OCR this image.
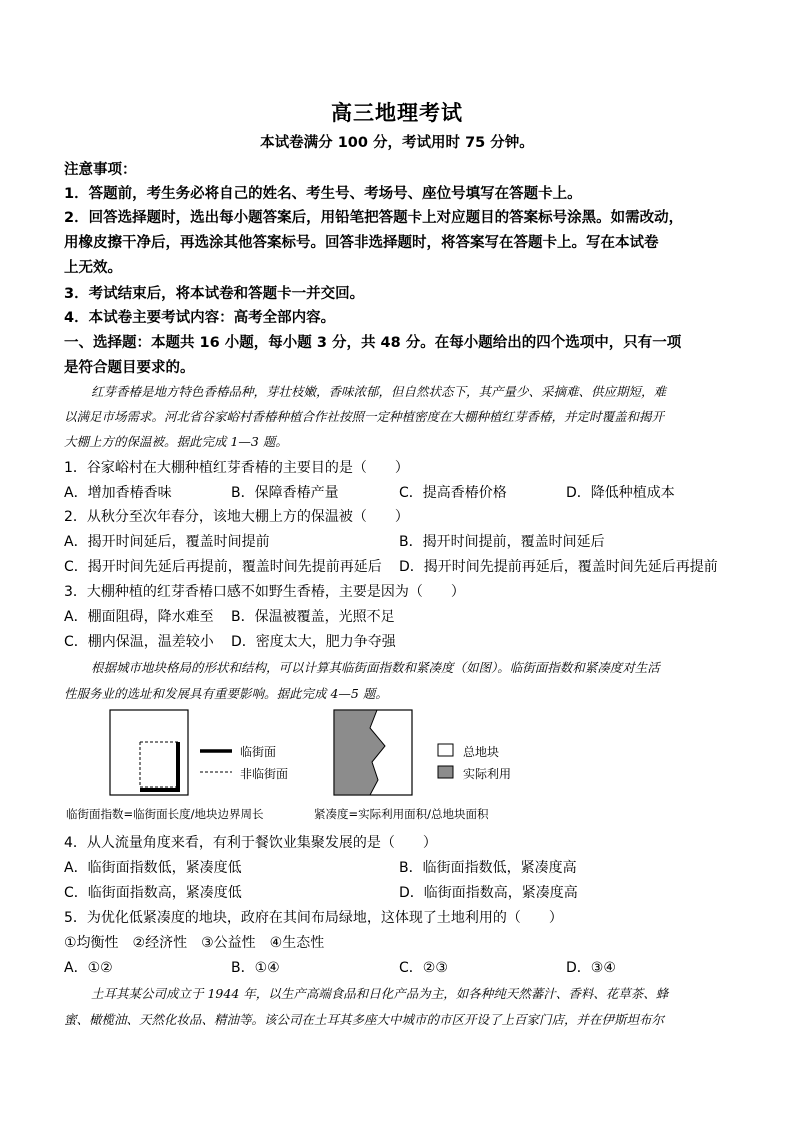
高三地理考试
本试卷满分 100 分，考试用时 75 分钟。
注意事项：
1．答题前，考生务必将自己的姓名、考生号、考场号、座位号填写在答题卡上。
2．回答选择题时，选出每小题答案后，用铅笔把答题卡上对应题目的答案标号涂黑。如需改动，
用橡皮擦干净后，再选涂其他答案标号。回答非选择题时，将答案写在答题卡上。写在本试卷
上无效。
3．考试结束后，将本试卷和答题卡一并交回。
4．本试卷主要考试内容：高考全部内容。
一、选择题：本题共 16 小题，每小题 3 分，共 48 分。在每小题给出的四个选项中，只有一项
是符合题目要求的。
红芽香椿是地方特色香椿品种，芽壮枝嫩，香味浓郁，但自然状态下，其产量少、采摘难、供应期短，难
以满足市场需求。河北省谷家峪村香椿种植合作社按照一定种植密度在大棚种植红芽香椿，并定时覆盖和揭开
大棚上方的保温被。据此完成 1—3 题。
1．谷家峪村在大棚种植红芽香椿的主要目的是（　　）
A．增加香椿香味	B．保障香椿产量	C．提高香椿价格	D．降低种植成本
2．从秋分至次年春分，该地大棚上方的保温被（　　）
A．揭开时间延后，覆盖时间提前	B．揭开时间提前，覆盖时间延后
C．揭开时间先延后再提前，覆盖时间先提前再延后 D．揭开时间先提前再延后，覆盖时间先延后再提前
3．大棚种植的红芽香椿口感不如野生香椿，主要是因为（　　）
A．棚面阻碍，降水难至 B．保温被覆盖，光照不足
C．棚内保温，温差较小 D．密度太大，肥力争夺强
根据城市地块格局的形状和结构，可以计算其临街面指数和紧凑度（如图）。临街面指数和紧凑度对生活
性服务业的选址和发展具有重要影响。据此完成 4—5 题。
临街面
非临街面
总地块
实际利用
临街面指数=临街面长度/地块边界周长	紧凑度=实际利用面积/总地块面积
4．从人流量角度来看，有利于餐饮业集聚发展的是（　　）
A．临街面指数低，紧凑度低	B．临街面指数低，紧凑度高
C．临街面指数高，紧凑度低	D．临街面指数高，紧凑度高
5．为优化低紧凑度的地块，政府在其间布局绿地，这体现了土地利用的（　　）
①均衡性　②经济性　③公益性　④生态性
A．①②	B．①④	C．②③	D．③④
土耳其某公司成立于 1944 年，以生产高端食品和日化产品为主，如各种纯天然蕃汁、香料、花草茶、蜂
蜜、橄榄油、天然化妆品、精油等。该公司在土耳其多座大中城市的市区开设了上百家门店，并在伊斯坦布尔
